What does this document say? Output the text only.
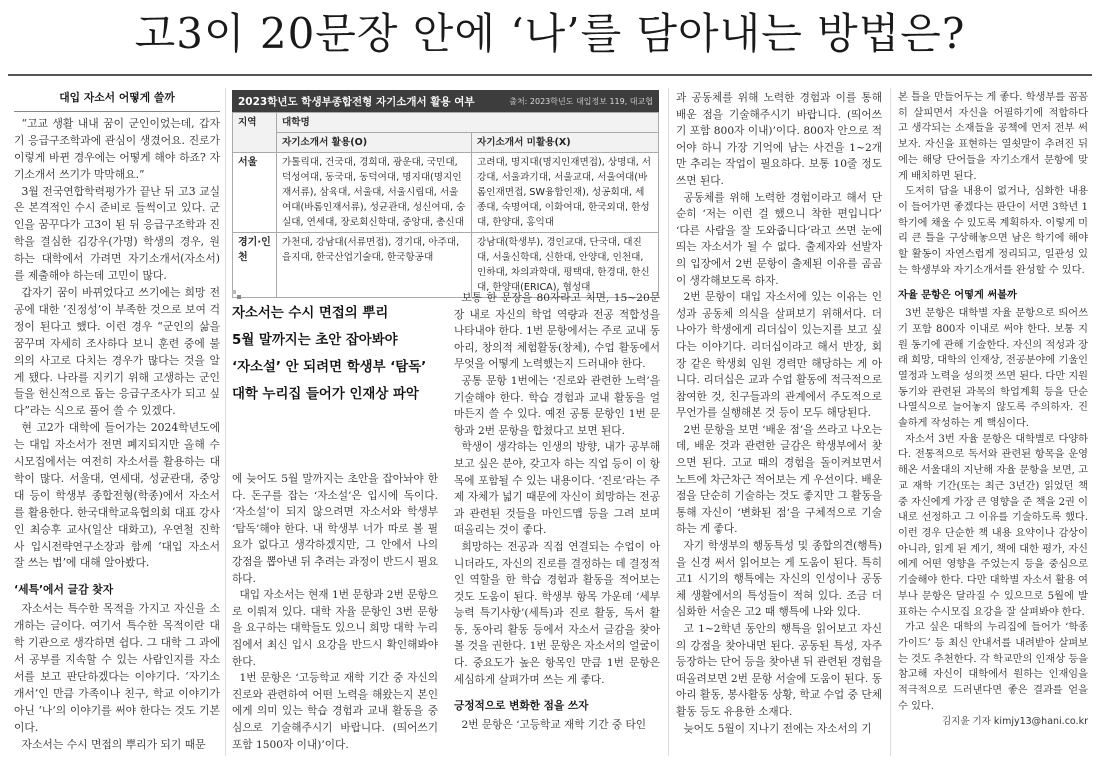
고3이 20문장 안에 ‘나’를 담아내는 방법은?
대입 자소서 어떻게 쓸까

“고교 생활 내내 꿈이 군인이었는데, 갑자기 응급구조학과에 관심이 생겼어요. 진로가 이렇게 바뀐 경우에는 어떻게 해야 하죠? 자기소개서 쓰기가 막막해요.”

3월 전국연합학력평가가 끝난 뒤 고3 교실은 본격적인 수시 준비로 들썩이고 있다. 군인을 꿈꾸다가 고3이 된 뒤 응급구조학과 진학을 결심한 김강우(가명) 학생의 경우, 원하는 대학에서 가려면 자기소개서(자소서)를 제출해야 하는데 고민이 많다.

갑자기 꿈이 바뀌었다고 쓰기에는 희망 전공에 대한 ‘진정성’이 부족한 것으로 보여 걱정이 된다고 했다. 이런 경우 “군인의 삶을 꿈꾸며 자세히 조사하다 보니 훈련 중에 불의의 사고로 다치는 경우가 많다는 것을 알게 됐다. 나라를 지키기 위해 고생하는 군인들을 헌신적으로 돕는 응급구조사가 되고 싶다”라는 식으로 풀어 쓸 수 있겠다.

현 고2가 대학에 들어가는 2024학년도에는 대입 자소서가 전면 폐지되지만 올해 수시모집에서는 여전히 자소서를 활용하는 대학이 많다. 서울대, 연세대, 성균관대, 중앙대 등이 학생부 종합전형(학종)에서 자소서를 활용한다. 한국대학교육협의회 대표 강사인 최승후 교사(일산 대화고), 우연철 진학사 입시전략연구소장과 함께 ‘대입 자소서 잘 쓰는 법’에 대해 알아봤다.

‘세특’에서 글감 찾자

자소서는 특수한 목적을 가지고 자신을 소개하는 글이다. 여기서 특수한 목적이란 대학 기관으로 생각하면 쉽다. 그 대학 그 과에서 공부를 지속할 수 있는 사람인지를 자소서를 보고 판단하겠다는 이야기다. ‘자기소개서’인 만큼 가족이나 친구, 학교 이야기가 아닌 ‘나’의 이야기를 써야 한다는 것도 기본이다.

자소서는 수시 면접의 뿌리가 되기 때문

2023학년도 학생부종합전형 자기소개서 활용 여부	출처: 2023학년도 대입정보 119, 대교협
지역	대학명	
	자기소개서 활용(O)	자기소개서 미활용(X)
서울	가톨릭대, 건국대, 경희대, 광운대, 국민대, 덕성여대, 동국대, 동덕여대, 명지대(명지인재서류), 삼육대, 서울대, 서울시립대, 서울여대(바롬인재서류), 성균관대, 성신여대, 숭실대, 연세대, 장로회신학대, 중앙대, 총신대	고려대, 명지대(명지인재면접), 상명대, 서강대, 서울과기대, 서울교대, 서울여대(바롬인재면접, SW융합인재), 성공회대, 세종대, 숙명여대, 이화여대, 한국외대, 한성대, 한양대, 홍익대
경기·인천	가천대, 강남대(서류면접), 경기대, 아주대, 을지대, 한국산업기술대, 한국항공대	강남대(학생부), 경인교대, 단국대, 대진대, 서울신학대, 신한대, 안양대, 인천대, 인하대, 차의과학대, 평택대, 한경대, 한신대, 한양대(ERICA), 협성대
자소서는 수시 면접의 뿌리
5월 말까지는 초안 잡아봐야
‘자소설’ 안 되려면 학생부 ‘탐독’
대학 누리집 들어가 인재상 파악

에 늦어도 5월 말까지는 초안을 잡아놔야 한다. 돈구를 잡는 ‘자소설’은 입시에 독이다. ‘자소설’이 되지 않으려면 자소서와 학생부 ‘탐독’해야 한다. 내 학생부 너가 따로 볼 필요가 없다고 생각하겠지만, 그 안에서 나의 강점을 뽑아낸 뒤 추려는 과정이 반드시 필요하다.

대입 자소서는 현재 1번 문항과 2번 문항으로 이뤄져 있다. 대학 자율 문항인 3번 문항을 요구하는 대학들도 있으니 희망 대학 누리집에서 최신 입시 요강을 반드시 확인해봐야 한다.

1번 문항은 ‘고등학교 재학 기간 중 자신의 진로와 관련하여 어떤 노력을 해왔는지 본인에게 의미 있는 학습 경험과 교내 활동을 중심으로 기술해주시기 바랍니다. (띄어쓰기 포함 1500자 이내)’이다.

보통 한 문장을 80자라고 치면, 15~20문장 내로 자신의 학업 역량과 전공 적합성을 나타내야 한다. 1번 문항에서는 주로 교내 동아리, 창의적 체험활동(창체), 수업 활동에서 무엇을 어떻게 노력했는지 드러내야 한다.

공통 문항 1번에는 ‘진로와 관련한 노력’을 기술해야 한다. 학습 경험과 교내 활동을 얼마든지 쓸 수 있다. 예전 공통 문항인 1번 문항과 2번 문항을 합쳤다고 보면 된다.

학생이 생각하는 인생의 방향, 내가 공부해보고 싶은 분야, 갖고자 하는 직업 등이 이 항목에 포함될 수 있는 내용이다. ‘진로’라는 주제 자체가 넓기 때문에 자신이 희망하는 전공과 관련된 것들을 마인드맵 등을 그려 보며 떠올리는 것이 좋다.

희망하는 전공과 직접 연결되는 수업이 아니더라도, 자신의 진로를 결정하는 데 결정적인 역할을 한 학습 경험과 활동을 적어보는 것도 도움이 된다. 학생부 항목 가운데 ‘세부능력 특기사항’(세특)과 진로 활동, 독서 활동, 동아리 활동 등에서 자소서 글감을 찾아볼 것을 권한다. 1번 문항은 자소서의 얼굴이다. 중요도가 높은 항목인 만큼 1번 문항은 세심하게 살펴가며 쓰는 게 좋다.

긍정적으로 변화한 점을 쓰자

2번 문항은 ‘고등학교 재학 기간 중 타인

과 공동체를 위해 노력한 경험과 이를 통해 배운 점을 기술해주시기 바랍니다. (띄어쓰기 포함 800자 이내)’이다. 800자 안으로 적어야 하니 가장 기억에 남는 사건을 1~2개만 추리는 작업이 필요하다. 보통 10줄 정도 쓰면 된다.

공동체를 위해 노력한 경험이라고 해서 단순히 ‘저는 이런 걸 했으니 착한 편입니다’ ‘다른 사람을 잘 도와줍니다’라고 쓰면 눈에 띄는 자소서가 될 수 없다. 출제자와 선발자의 입장에서 2번 문항이 출제된 이유를 곰곰이 생각해보도록 하자.

2번 문항이 대입 자소서에 있는 이유는 인성과 공동체 의식을 살펴보기 위해서다. 더 나아가 학생에게 리더십이 있는지를 보고 싶다는 이야기다. 리더십이라고 해서 반장, 회장 같은 학생회 임원 경력만 해당하는 게 아니다. 리더십은 교과 수업 활동에 적극적으로 참여한 것, 친구들과의 관계에서 주도적으로 무언가를 실행해본 것 등이 모두 해당된다.

2번 문항을 보면 ‘배운 점’을 쓰라고 나오는데, 배운 것과 관련한 글감은 학생부에서 찾으면 된다. 고교 때의 경험을 돌이켜보면서 노트에 차근차근 적어보는 게 우선이다. 배운 점을 단순히 기술하는 것도 좋지만 그 활동을 통해 자신이 ‘변화된 점’을 구체적으로 기술하는 게 좋다.

자기 학생부의 행동특성 및 종합의견(행특)을 신경 써서 읽어보는 게 도움이 된다. 특히 고1 시기의 행특에는 자신의 인성이나 공동체 생활에서의 특성들이 적혀 있다. 조금 더 심화한 서술은 고2 때 행특에 나와 있다.

고 1~2학년 동안의 행특을 읽어보고 자신의 강점을 찾아내면 된다. 공동된 특성, 자주 등장하는 단어 등을 찾아낸 뒤 관련된 경험을 떠올려보면 2번 문항 서술에 도움이 된다. 동아리 활동, 봉사활동 상황, 학교 수업 중 단체 활동 등도 유용한 소재다.

늦어도 5월이 지나기 전에는 자소서의 기

본 틀을 만들어두는 게 좋다. 학생부를 꼼꼼히 살피면서 자신을 어필하기에 적합하다고 생각되는 소재들을 공책에 먼저 전부 써보자. 자신을 표현하는 열쇳말이 추려진 뒤에는 해당 단어들을 자기소개서 문항에 맞게 배치하면 된다.

도저히 답을 내용이 없거나, 심화한 내용이 들어가면 좋겠다는 판단이 서면 3학년 1학기에 채울 수 있도록 계획하자. 이렇게 미리 큰 틀을 구상해놓으면 남은 학기에 해야 할 활동이 자연스럽게 정리되고, 일관성 있는 학생부와 자기소개서를 완성할 수 있다.

자율 문항은 어떻게 써볼까

3번 문항은 대학별 자율 문항으로 띄어쓰기 포함 800자 이내로 써야 한다. 보통 지원 동기에 관해 기술한다. 자신의 적성과 장래 희망, 대학의 인재상, 전공분야에 기울인 열정과 노력을 성의껏 쓰면 된다. 다만 지원 동기와 관련된 과목의 학업계획 등을 단순 나열식으로 늘어놓지 않도록 주의하자. 진솔하게 작성하는 게 핵심이다.

자소서 3번 자율 문항은 대학별로 다양하다. 전통적으로 독서와 관련된 항목을 운영해온 서울대의 지난해 자율 문항을 보면, 고교 재학 기간(또는 최근 3년간) 읽었던 책 중 자신에게 가장 큰 영향을 준 책을 2권 이내로 선정하고 그 이유를 기술하도록 했다. 이런 경우 단순한 책 내용 요약이나 감상이 아니라, 읽게 된 계기, 책에 대한 평가, 자신에게 어떤 영향을 주었는지 등을 중심으로 기술해야 한다. 다만 대학별 자소서 활용 여부나 문항은 달라질 수 있으므로 5월에 발표하는 수시모집 요강을 잘 살펴봐야 한다.

가고 싶은 대학의 누리집에 들어가 ‘학종 가이드’ 등 최신 안내서를 내려받아 살펴보는 것도 추천한다. 각 학교만의 인재상 등을 참고해 자신이 대학에서 원하는 인재임을 적극적으로 드러낸다면 좋은 결과를 얻을 수 있다.

김지윤 기자 kimjy13@hani.co.kr
